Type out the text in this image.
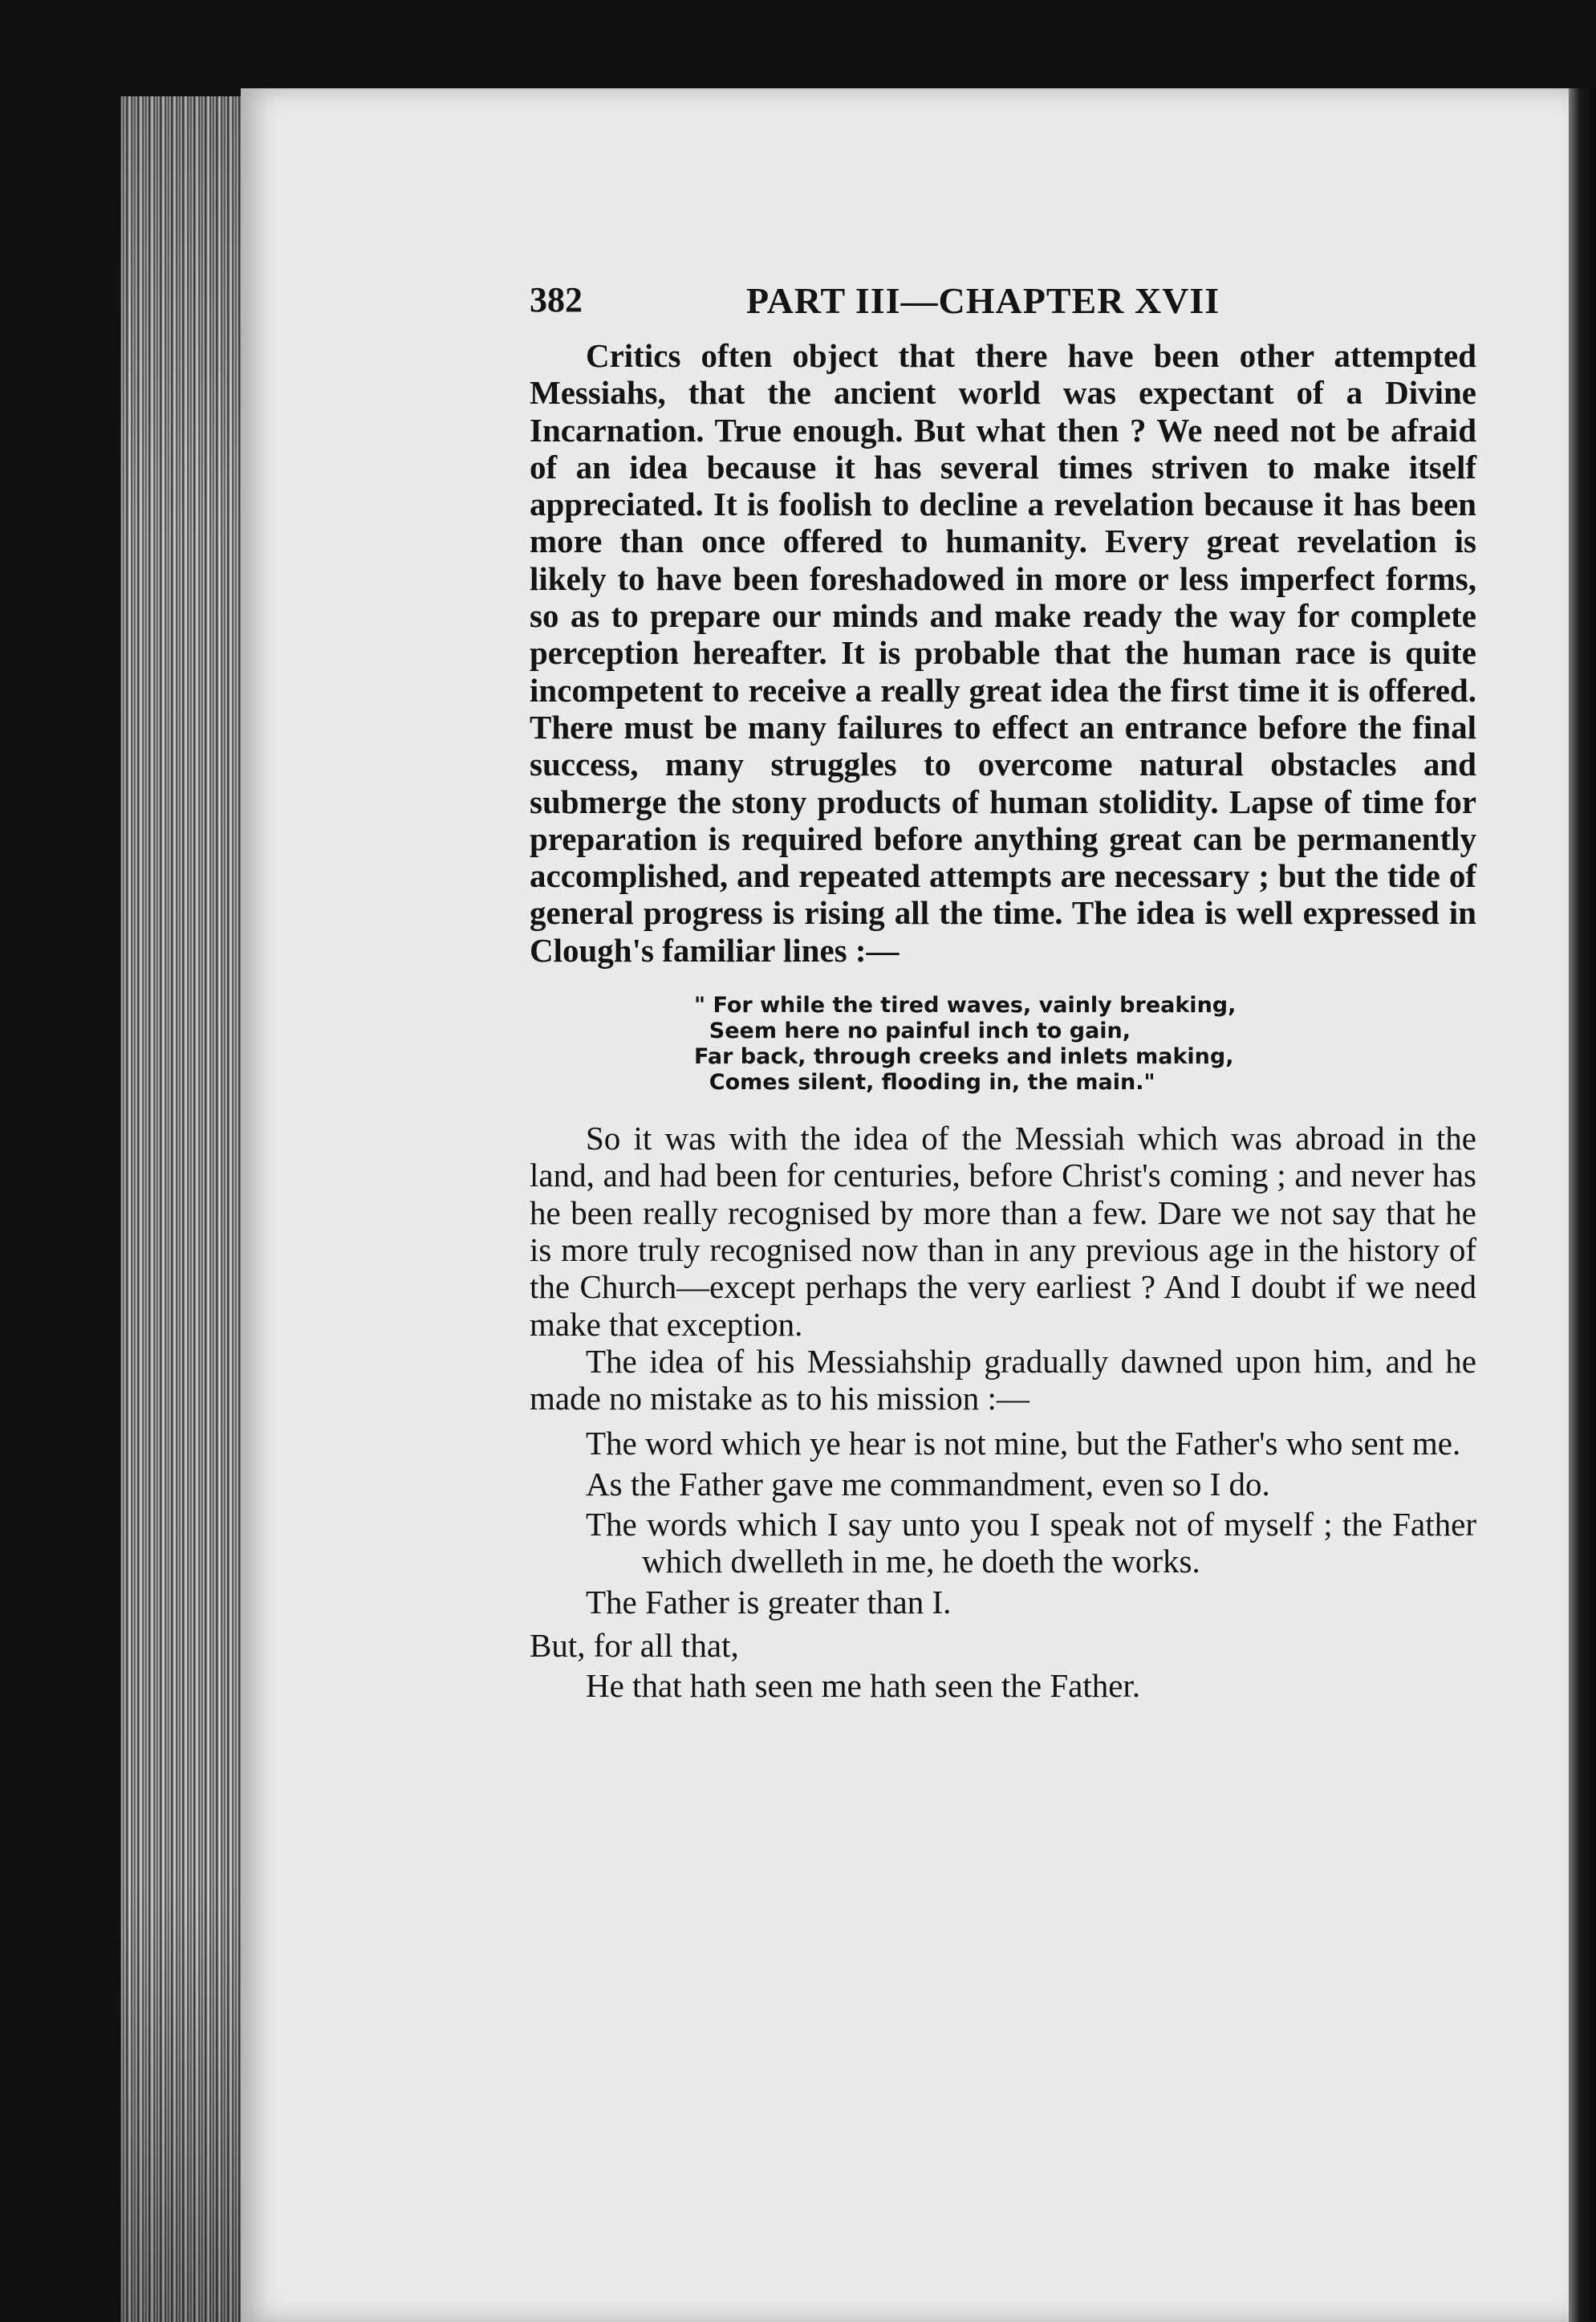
382	PART III—CHAPTER XVII

Critics often object that there have been other attempted Messiahs, that the ancient world was expectant of a Divine Incarnation. True enough. But what then ? We need not be afraid of an idea because it has several times striven to make itself appreciated. It is foolish to decline a revelation because it has been more than once offered to humanity. Every great revelation is likely to have been foreshadowed in more or less imperfect forms, so as to prepare our minds and make ready the way for complete perception hereafter. It is probable that the human race is quite incompetent to receive a really great idea the first time it is offered. There must be many failures to effect an entrance before the final success, many struggles to overcome natural obstacles and submerge the stony products of human stolidity. Lapse of time for preparation is required before anything great can be permanently accomplished, and repeated attempts are necessary ; but the tide of general progress is rising all the time. The idea is well expressed in Clough's familiar lines :—

" For while the tired waves, vainly breaking,
Seem here no painful inch to gain,
Far back, through creeks and inlets making,
Comes silent, flooding in, the main."

So it was with the idea of the Messiah which was abroad in the land, and had been for centuries, before Christ's coming ; and never has he been really recognised by more than a few. Dare we not say that he is more truly recognised now than in any previous age in the history of the Church—except perhaps the very earliest ? And I doubt if we need make that exception.

The idea of his Messiahship gradually dawned upon him, and he made no mistake as to his mission :—

The word which ye hear is not mine, but the Father's who sent me.

As the Father gave me commandment, even so I do.

The words which I say unto you I speak not of myself ; the Father which dwelleth in me, he doeth the works.

The Father is greater than I.

But, for all that,

He that hath seen me hath seen the Father.
